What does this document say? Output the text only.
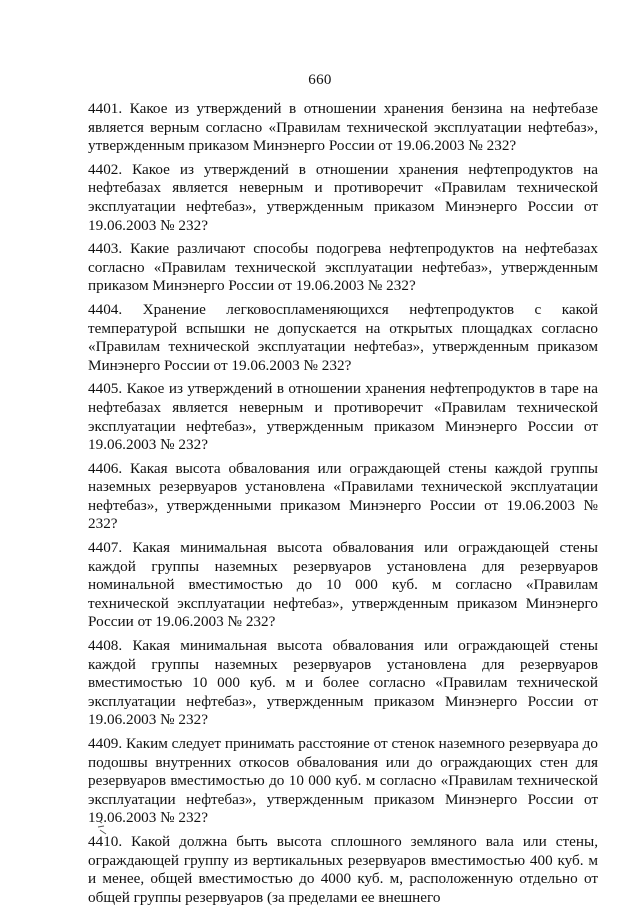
660

4401. Какое из утверждений в отношении хранения бензина на нефтебазе является верным согласно «Правилам технической эксплуатации нефтебаз», утвержденным приказом Минэнерго России от 19.06.2003 № 232?

4402. Какое из утверждений в отношении хранения нефтепродуктов на нефтебазах является неверным и противоречит «Правилам технической эксплуатации нефтебаз», утвержденным приказом Минэнерго России от 19.06.2003 № 232?

4403. Какие различают способы подогрева нефтепродуктов на нефтебазах согласно «Правилам технической эксплуатации нефтебаз», утвержденным приказом Минэнерго России от 19.06.2003 № 232?

4404. Хранение легковоспламеняющихся нефтепродуктов с какой температурой вспышки не допускается на открытых площадках согласно «Правилам технической эксплуатации нефтебаз», утвержденным приказом Минэнерго России от 19.06.2003 № 232?

4405. Какое из утверждений в отношении хранения нефтепродуктов в таре на нефтебазах является неверным и противоречит «Правилам технической эксплуатации нефтебаз», утвержденным приказом Минэнерго России от 19.06.2003 № 232?

4406. Какая высота обвалования или ограждающей стены каждой группы наземных резервуаров установлена «Правилами технической эксплуатации нефтебаз», утвержденными приказом Минэнерго России от 19.06.2003 № 232?

4407. Какая минимальная высота обвалования или ограждающей стены каждой группы наземных резервуаров установлена для резервуаров номинальной вместимостью до 10 000 куб. м согласно «Правилам технической эксплуатации нефтебаз», утвержденным приказом Минэнерго России от 19.06.2003 № 232?

4408. Какая минимальная высота обвалования или ограждающей стены каждой группы наземных резервуаров установлена для резервуаров вместимостью 10 000 куб. м и более согласно «Правилам технической эксплуатации нефтебаз», утвержденным приказом Минэнерго России от 19.06.2003 № 232?

4409. Каким следует принимать расстояние от стенок наземного резервуара до подошвы внутренних откосов обвалования или до ограждающих стен для резервуаров вместимостью до 10 000 куб. м согласно «Правилам технической эксплуатации нефтебаз», утвержденным приказом Минэнерго России от 19.06.2003 № 232?

4410. Какой должна быть высота сплошного земляного вала или стены, ограждающей группу из вертикальных резервуаров вместимостью 400 куб. м и менее, общей вместимостью до 4000 куб. м, расположенную отдельно от общей группы резервуаров (за пределами ее внешнего
